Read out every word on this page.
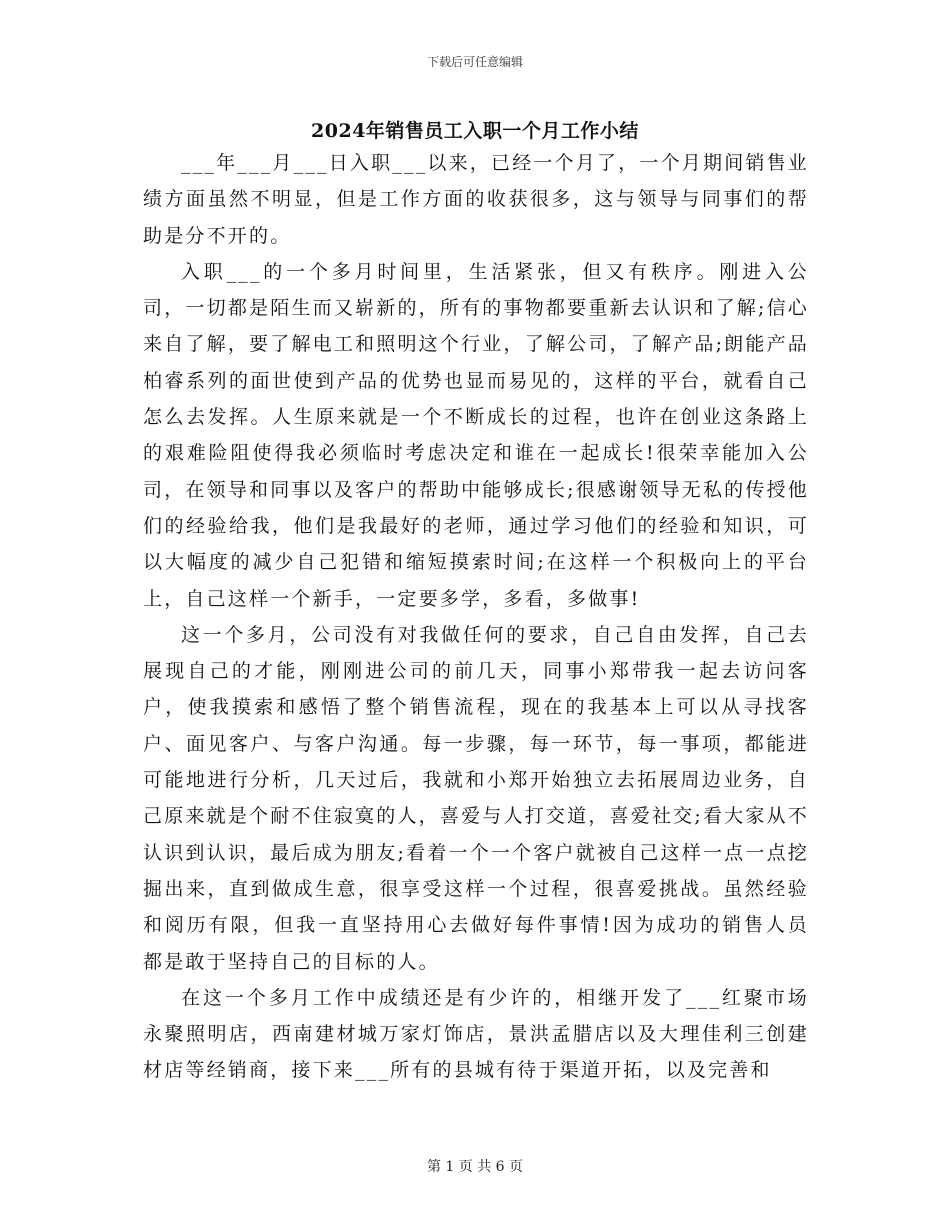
下载后可任意编辑
2024年销售员工入职一个月工作小结

___年___月___日入职___以来，已经一个月了，一个月期间销售业绩方面虽然不明显，但是工作方面的收获很多，这与领导与同事们的帮助是分不开的。

入职___的一个多月时间里，生活紧张，但又有秩序。刚进入公司，一切都是陌生而又崭新的，所有的事物都要重新去认识和了解;信心来自了解，要了解电工和照明这个行业，了解公司，了解产品;朗能产品柏睿系列的面世使到产品的优势也显而易见的，这样的平台，就看自己怎么去发挥。人生原来就是一个不断成长的过程，也许在创业这条路上的艰难险阻使得我必须临时考虑决定和谁在一起成长!很荣幸能加入公司，在领导和同事以及客户的帮助中能够成长;很感谢领导无私的传授他们的经验给我，他们是我最好的老师，通过学习他们的经验和知识，可以大幅度的减少自己犯错和缩短摸索时间;在这样一个积极向上的平台上，自己这样一个新手，一定要多学，多看，多做事!

这一个多月，公司没有对我做任何的要求，自己自由发挥，自己去展现自己的才能，刚刚进公司的前几天，同事小郑带我一起去访问客户，使我摸索和感悟了整个销售流程，现在的我基本上可以从寻找客户、面见客户、与客户沟通。每一步骤，每一环节，每一事项，都能进可能地进行分析，几天过后，我就和小郑开始独立去拓展周边业务，自己原来就是个耐不住寂寞的人，喜爱与人打交道，喜爱社交;看大家从不认识到认识，最后成为朋友;看着一个一个客户就被自己这样一点一点挖掘出来，直到做成生意，很享受这样一个过程，很喜爱挑战。虽然经验和阅历有限，但我一直坚持用心去做好每件事情!因为成功的销售人员都是敢于坚持自己的目标的人。

在这一个多月工作中成绩还是有少许的，相继开发了___红聚市场永聚照明店，西南建材城万家灯饰店，景洪孟腊店以及大理佳利三创建材店等经销商，接下来___所有的县城有待于渠道开拓，以及完善和

第 1 页 共 6 页
